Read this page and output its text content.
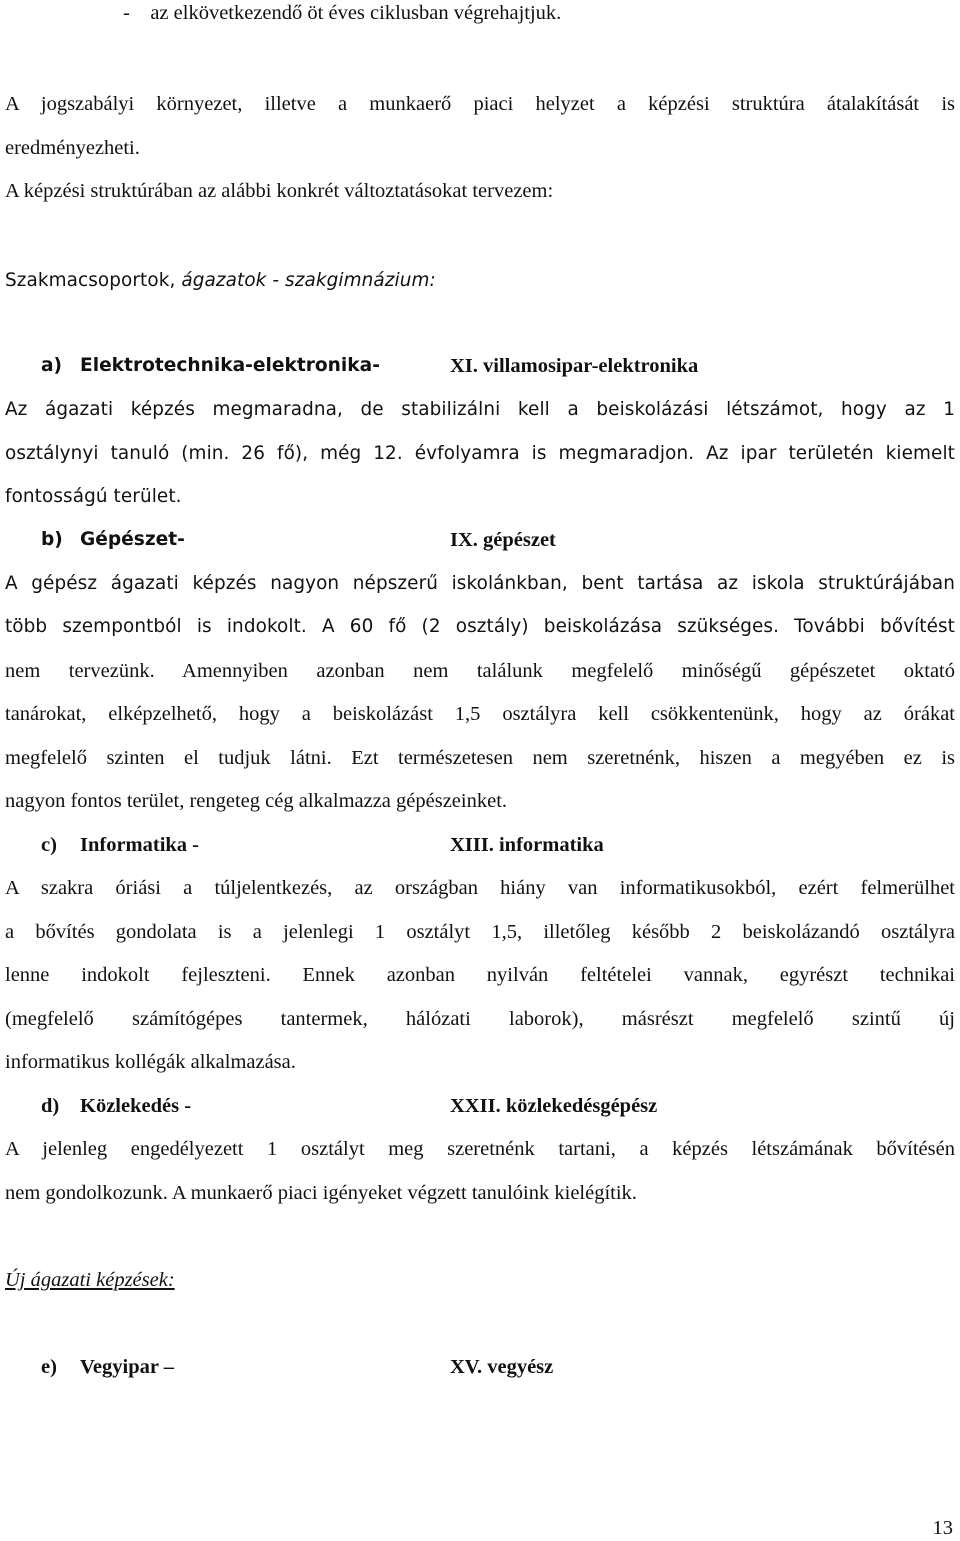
-    az elkövetkezendő öt éves ciklusban végrehajtjuk.
A jogszabályi környezet, illetve a munkaerő piaci helyzet a képzési struktúra átalakítását is
eredményezheti.
A képzési struktúrában az alábbi konkrét változtatásokat tervezem:
Szakmacsoportok, ágazatok - szakgimnázium:
a) Elektrotechnika-elektronika-	XI. villamosipar-elektronika
Az ágazati képzés megmaradna, de stabilizálni kell a beiskolázási létszámot, hogy az 1
osztálynyi tanuló (min. 26 fő), még 12. évfolyamra is megmaradjon. Az ipar területén kiemelt
fontosságú terület.
b) Gépészet-	IX. gépészet
A gépész ágazati képzés nagyon népszerű iskolánkban, bent tartása az iskola struktúrájában
több szempontból is indokolt. A 60 fő (2 osztály) beiskolázása szükséges. További bővítést
nem tervezünk. Amennyiben azonban nem találunk megfelelő minőségű gépészetet oktató
tanárokat, elképzelhető, hogy a beiskolázást 1,5 osztályra kell csökkentenünk, hogy az órákat
megfelelő szinten el tudjuk látni. Ezt természetesen nem szeretnénk, hiszen a megyében ez is
nagyon fontos terület, rengeteg cég alkalmazza gépészeinket.
c) Informatika -	XIII. informatika
A szakra óriási a túljelentkezés, az országban hiány van informatikusokból, ezért felmerülhet
a bővítés gondolata is a jelenlegi 1 osztályt 1,5, illetőleg később 2 beiskolázandó osztályra
lenne indokolt fejleszteni. Ennek azonban nyilván feltételei vannak, egyrészt technikai
(megfelelő számítógépes tantermek, hálózati laborok), másrészt megfelelő szintű új
informatikus kollégák alkalmazása.
d) Közlekedés -	XXII. közlekedésgépész
A jelenleg engedélyezett 1 osztályt meg szeretnénk tartani, a képzés létszámának bővítésén
nem gondolkozunk. A munkaerő piaci igényeket végzett tanulóink kielégítik.
Új ágazati képzések:
e) Vegyipar –	XV. vegyész
13
